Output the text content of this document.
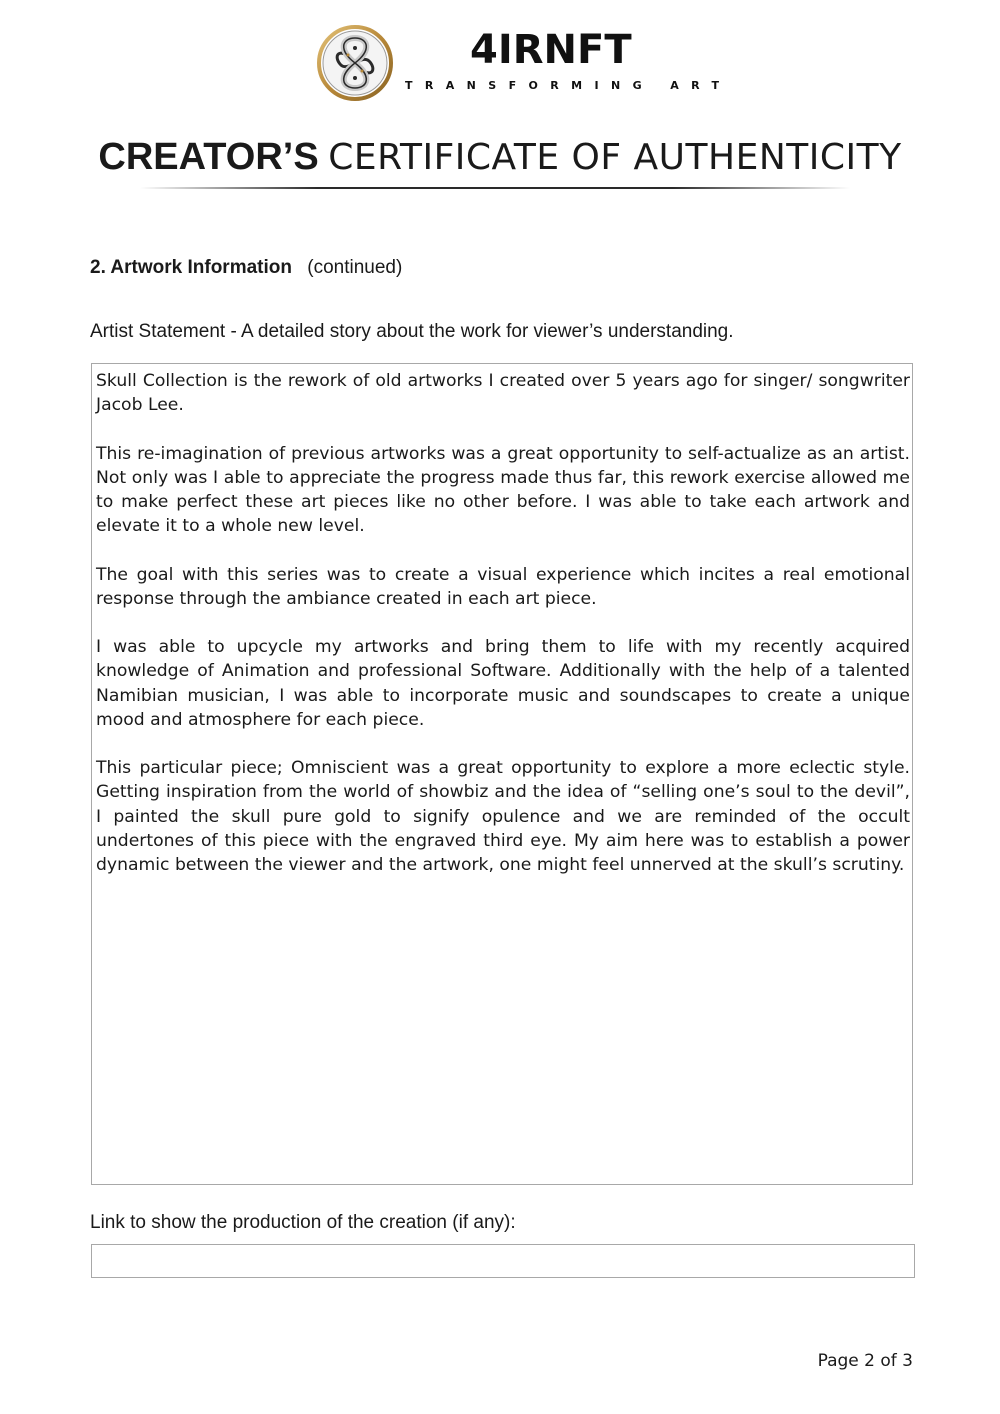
4IRNFT
TRANSFORMING ART
CREATOR’S CERTIFICATE OF AUTHENTICITY
2. Artwork Information (continued)
Artist Statement - A detailed story about the work for viewer’s understanding.

Skull Collection is the rework of old artworks I created over 5 years ago for singer/ songwriter Jacob Lee.

This re-imagination of previous artworks was a great opportunity to self-actualize as an artist. Not only was I able to appreciate the progress made thus far, this rework exercise allowed me to make perfect these art pieces like no other before. I was able to take each artwork and elevate it to a whole new level.

The goal with this series was to create a visual experience which incites a real emotional response through the ambiance created in each art piece.

I was able to upcycle my artworks and bring them to life with my recently acquired knowledge of Animation and professional Software. Additionally with the help of a talented Namibian musician, I was able to incorporate music and soundscapes to create a unique mood and atmosphere for each piece.

This particular piece; Omniscient was a great opportunity to explore a more eclectic style. Getting inspiration from the world of showbiz and the idea of “selling one’s soul to the devil”, I painted the skull pure gold to signify opulence and we are reminded of the occult undertones of this piece with the engraved third eye. My aim here was to establish a power dynamic between the viewer and the artwork, one might feel unnerved at the skull’s scrutiny.

Link to show the production of the creation (if any):
Page 2 of 3
